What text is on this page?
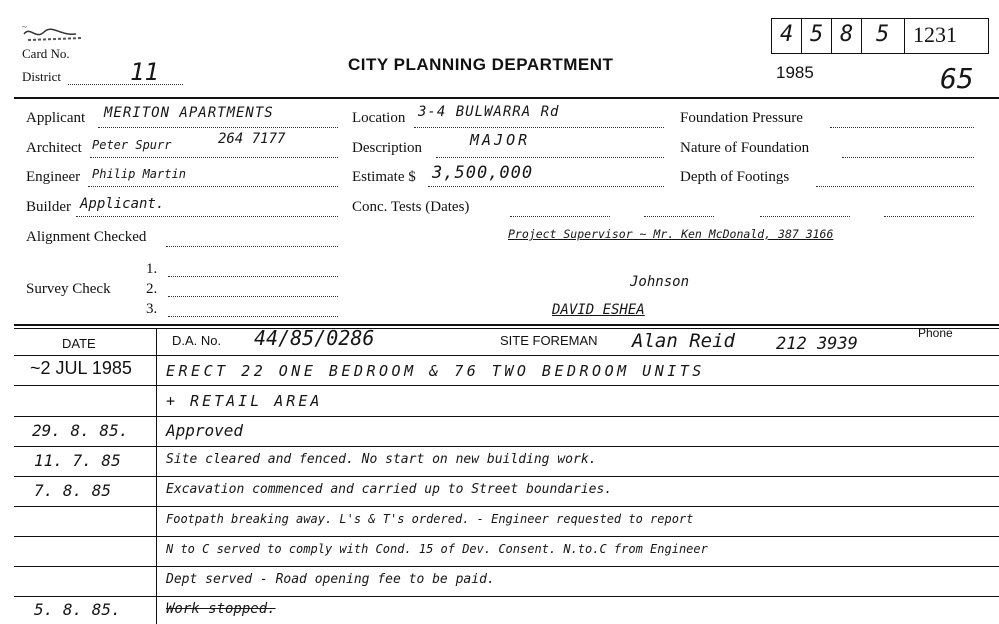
~
Card No.
District	11	CITY PLANNING DEPARTMENT
4 5 8 5 1231
1985	65
Applicant MERITON APARTMENTS
Architect Peter Spurr	264 7177
Engineer Philip Martin
Builder Applicant.
Alignment Checked
Location 3-4 BULWARRA Rd
Description	MAJOR
Estimate $ 3,500,000
Conc. Tests (Dates)
Foundation Pressure
Nature of Foundation
Depth of Footings
Project Supervisor ~ Mr. Ken McDonald, 387 3166
Survey Check
1.
2.
3.
Johnson
DAVID ESHEA
DATE	D.A. No. 44/85/0286	SITE FOREMAN Alan Reid 212 3939
Phone
~2 JUL 1985 ERECT 22 ONE BEDROOM & 76 TWO BEDROOM UNITS
+ RETAIL AREA
29. 8. 85. Approved
11. 7. 85	Site cleared and fenced. No start on new building work.
7. 8. 85	Excavation commenced and carried up to Street boundaries.
Footpath breaking away. L's & T's ordered. - Engineer requested to report
N to C served to comply with Cond. 15 of Dev. Consent. N.to.C from Engineer
Dept served - Road opening fee to be paid.
5. 8. 85.	Work stopped.
